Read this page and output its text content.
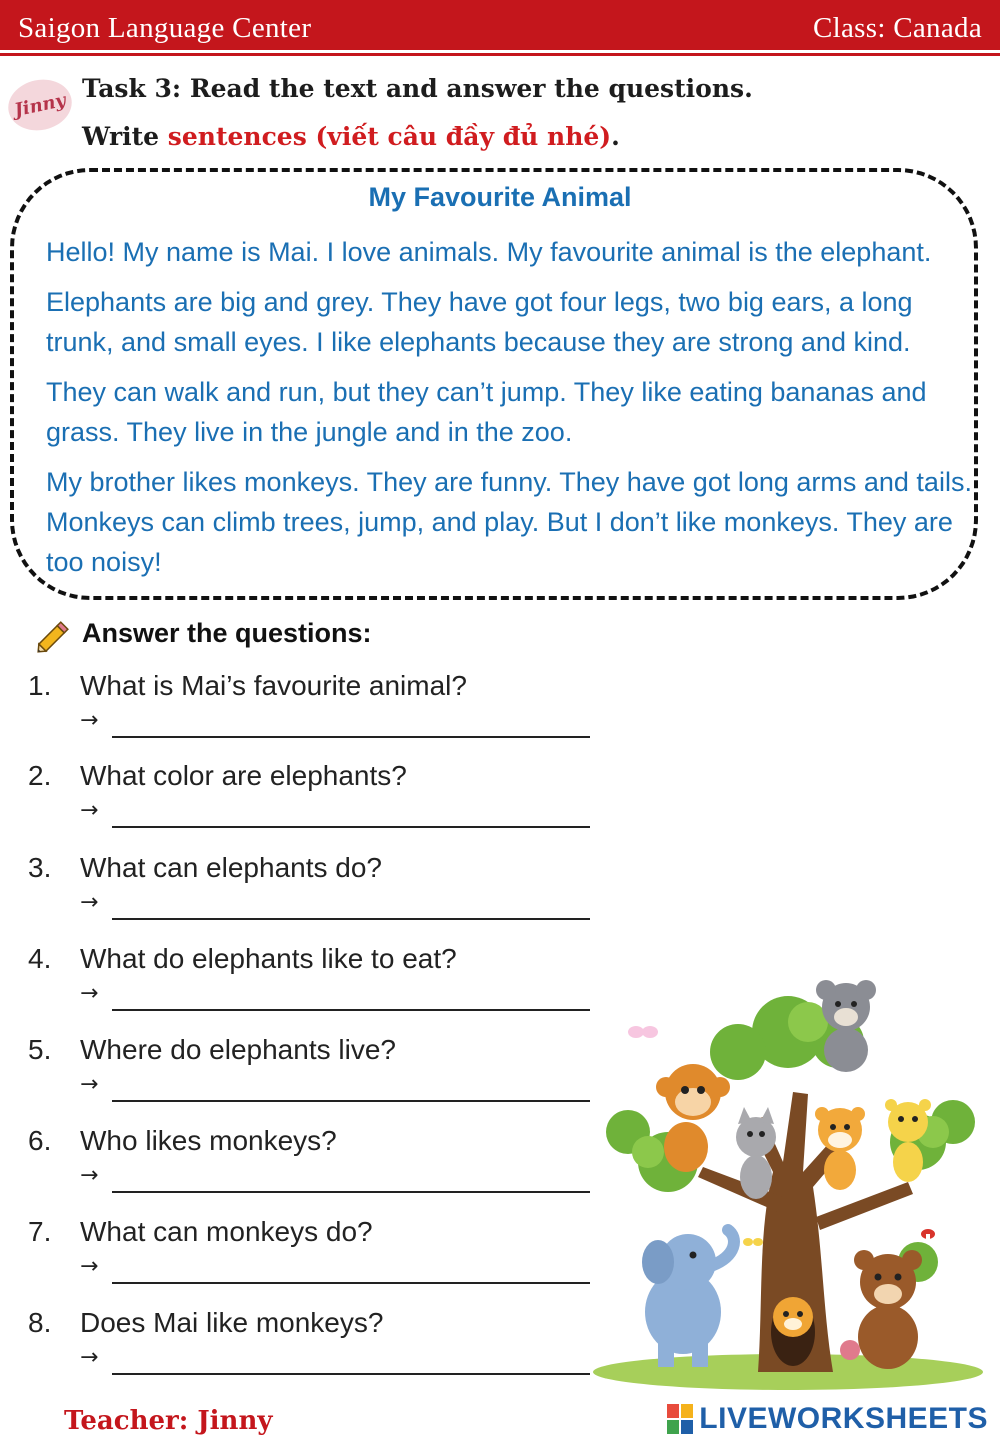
Saigon Language Center	Class: Canada
Jinny
Task 3: Read the text and answer the questions.
Write sentences (viết câu đầy đủ nhé).
My Favourite Animal

Hello! My name is Mai. I love animals. My favourite animal is the elephant.

Elephants are big and grey. They have got four legs, two big ears, a long trunk, and small eyes. I like elephants because they are strong and kind.

They can walk and run, but they can’t jump. They like eating bananas and grass. They live in the jungle and in the zoo.

My brother likes monkeys. They are funny. They have got long arms and tails. Monkeys can climb trees, jump, and play. But I don’t like monkeys. They are too noisy!

Answer the questions:
1. What is Mai’s favourite animal?
→
2. What color are elephants?
→
3. What can elephants do?
→
4. What do elephants like to eat?
→
5. Where do elephants live?
→
6. Who likes monkeys?
→
7. What can monkeys do?
→
8. Does Mai like monkeys?
→
Teacher: Jinny	LIVEWORKSHEETS
